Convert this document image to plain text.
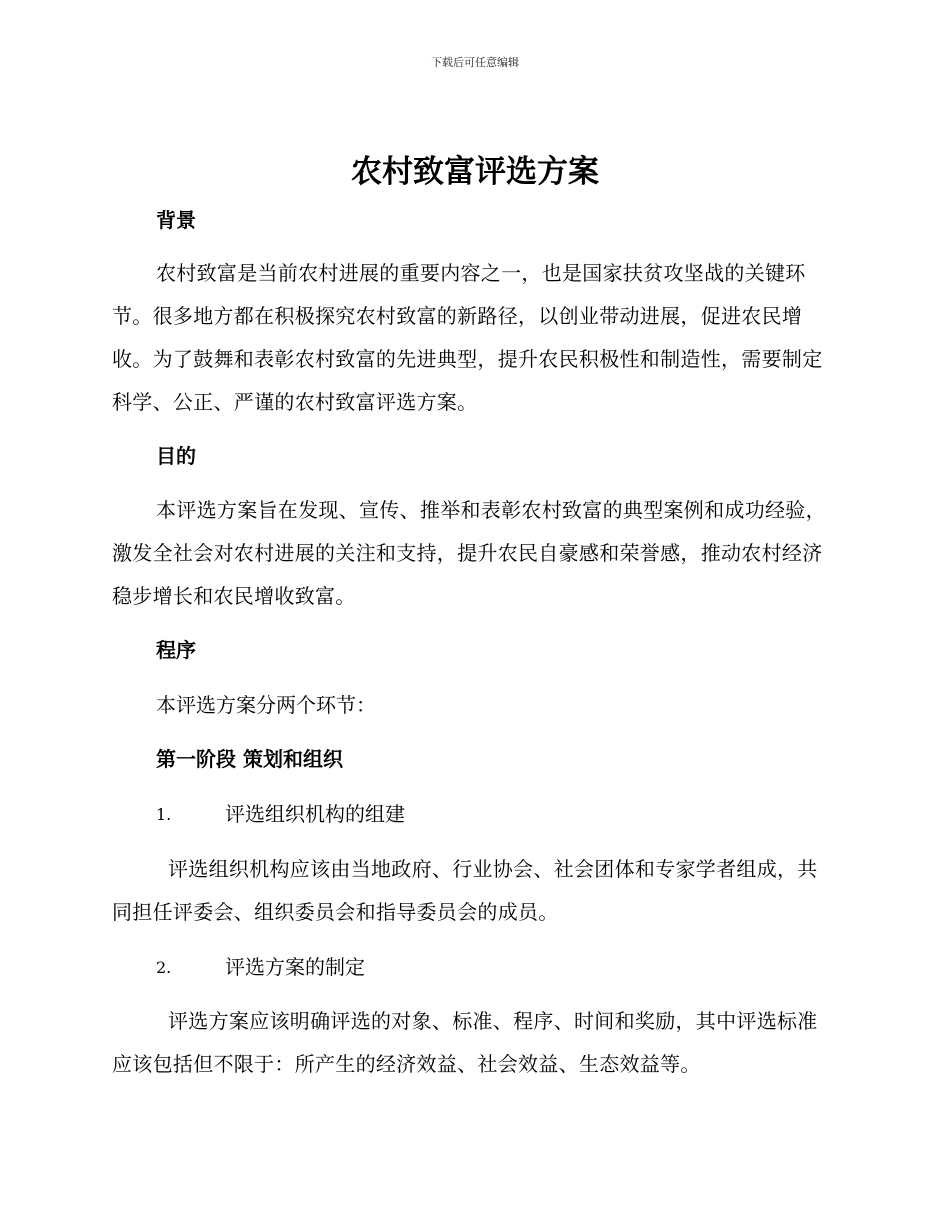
下载后可任意编辑
农村致富评选方案
背景
农村致富是当前农村进展的重要内容之一，也是国家扶贫攻坚战的关键环节。很多地方都在积极探究农村致富的新路径，以创业带动进展，促进农民增收。为了鼓舞和表彰农村致富的先进典型，提升农民积极性和制造性，需要制定科学、公正、严谨的农村致富评选方案。
目的
本评选方案旨在发现、宣传、推举和表彰农村致富的典型案例和成功经验，激发全社会对农村进展的关注和支持，提升农民自豪感和荣誉感，推动农村经济稳步增长和农民增收致富。
程序
本评选方案分两个环节：
第一阶段 策划和组织
1.	评选组织机构的组建
评选组织机构应该由当地政府、行业协会、社会团体和专家学者组成，共同担任评委会、组织委员会和指导委员会的成员。
2.	评选方案的制定
评选方案应该明确评选的对象、标准、程序、时间和奖励，其中评选标准应该包括但不限于：所产生的经济效益、社会效益、生态效益等。
